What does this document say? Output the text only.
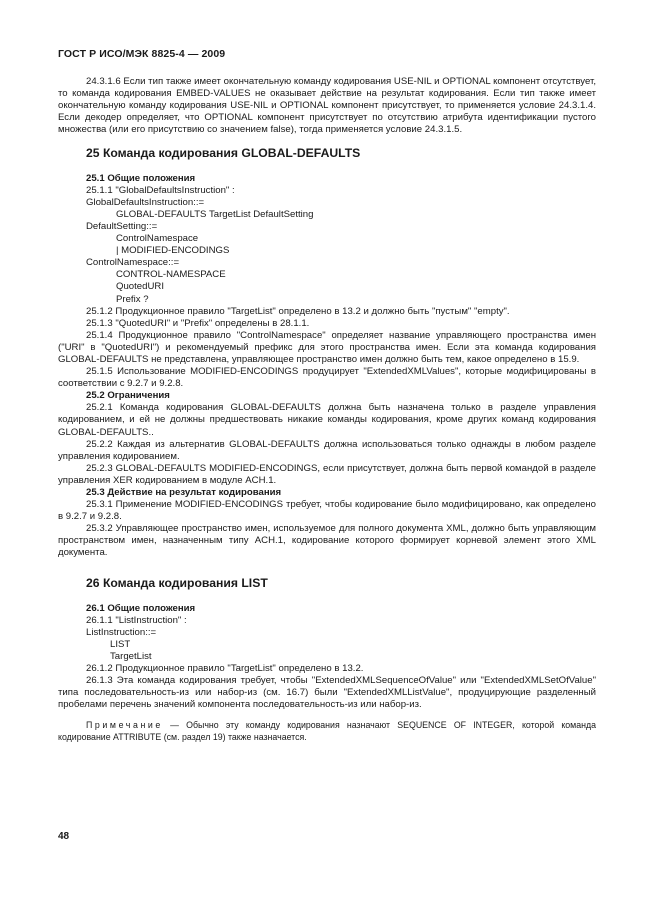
ГОСТ Р ИСО/МЭК 8825-4 — 2009

24.3.1.6 Если тип также имеет окончательную команду кодирования USE-NIL и OPTIONAL компонент отсутствует, то команда кодирования EMBED-VALUES не оказывает действие на результат кодирования. Если тип также имеет окончательную команду кодирования USE-NIL и OPTIONAL компонент присутствует, то применяется условие 24.3.1.4. Если декодер определяет, что OPTIONAL компонент присутствует по отсутствию атрибута идентификации пустого множества (или его присутствию со значением false), тогда применяется условие 24.3.1.5.

25 Команда кодирования GLOBAL-DEFAULTS

25.1 Общие положения

25.1.1 "GlobalDefaultsInstruction" :

GlobalDefaultsInstruction::=

GLOBAL-DEFAULTS TargetList DefaultSetting

DefaultSetting::=

ControlNamespace

| MODIFIED-ENCODINGS

ControlNamespace::=

CONTROL-NAMESPACE

QuotedURI

Prefix ?

25.1.2 Продукционное правило "TargetList" определено в 13.2 и должно быть "пустым" "empty".

25.1.3 "QuotedURI" и "Prefix" определены в 28.1.1.

25.1.4 Продукционное правило "ControlNamespace" определяет название управляющего пространства имен ("URI" в "QuotedURI") и рекомендуемый префикс для этого пространства имен. Если эта команда кодирования GLOBAL-DEFAULTS не представлена, управляющее пространство имен должно быть тем, какое определено в 15.9.

25.1.5 Использование MODIFIED-ENCODINGS продуцирует "ExtendedXMLValues", которые модифицированы в соответствии с 9.2.7 и 9.2.8.

25.2 Ограничения

25.2.1 Команда кодирования GLOBAL-DEFAULTS должна быть назначена только в разделе управления кодированием, и ей не должны предшествовать никакие команды кодирования, кроме других команд кодирования GLOBAL-DEFAULTS..

25.2.2 Каждая из альтернатив GLOBAL-DEFAULTS должна использоваться только однажды в любом разделе управления кодированием.

25.2.3 GLOBAL-DEFAULTS MODIFIED-ENCODINGS, если присутствует, должна быть первой командой в разделе управления XER кодированием в модуле ACH.1.

25.3 Действие на результат кодирования

25.3.1 Применение MODIFIED-ENCODINGS требует, чтобы кодирование было модифицировано, как определено в 9.2.7 и 9.2.8.

25.3.2 Управляющее пространство имен, используемое для полного документа XML, должно быть управляющим пространством имен, назначенным типу ACH.1, кодирование которого формирует корневой элемент этого XML документа.

26 Команда кодирования LIST

26.1 Общие положения

26.1.1 "ListInstruction" :

ListInstruction::=

LIST

TargetList

26.1.2 Продукционное правило "TargetList" определено в 13.2.

26.1.3 Эта команда кодирования требует, чтобы "ExtendedXMLSequenceOfValue" или "ExtendedXMLSetOfValue" типа последовательность-из или набор-из (см. 16.7) были "ExtendedXMLListValue", продуцирующие разделенный пробелами перечень значений компонента последовательность-из или набор-из.

Примечание — Обычно эту команду кодирования назначают SEQUENCE OF INTEGER, которой команда кодирование ATTRIBUTE (см. раздел 19) также назначается.

48
